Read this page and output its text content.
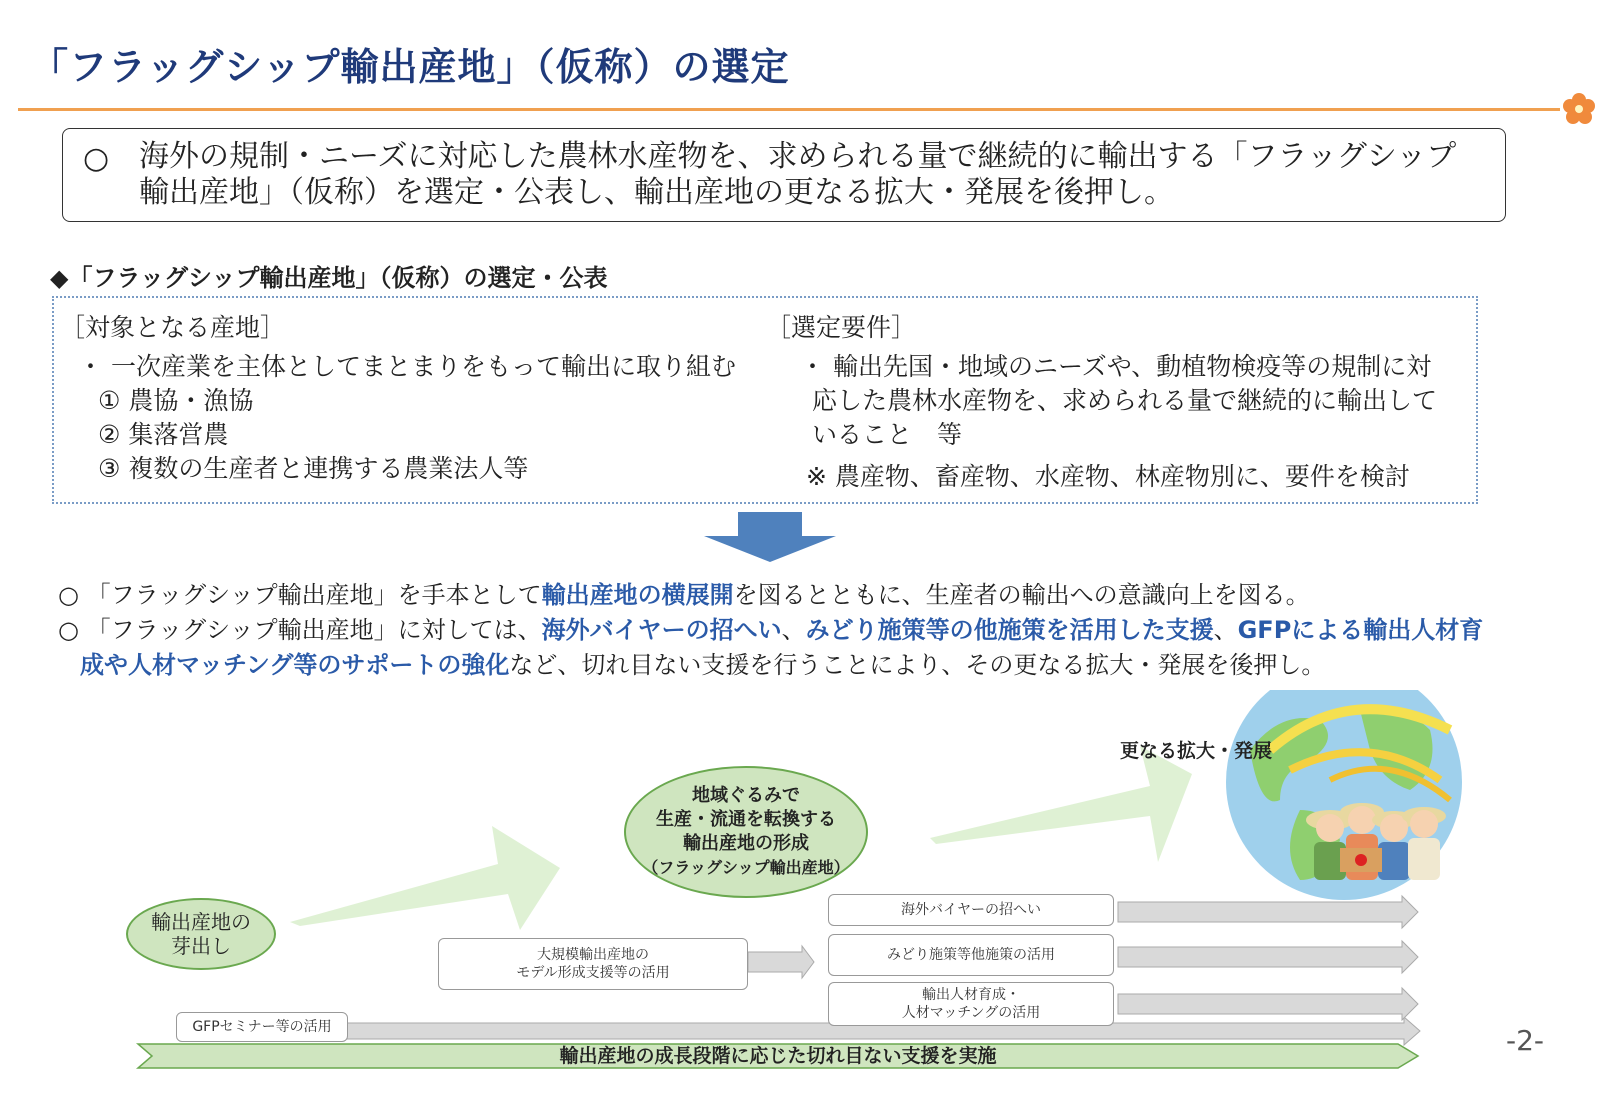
「フラッグシップ輸出産地」（仮称）の選定
○ 海外の規制・ニーズに対応した農林水産物を、求められる量で継続的に輸出する「フラッグシップ
輸出産地」（仮称）を選定・公表し、輸出産地の更なる拡大・発展を後押し。
◆「フラッグシップ輸出産地」（仮称）の選定・公表
［対象となる産地］
・ 一次産業を主体としてまとまりをもって輸出に取り組む
① 農協・漁協
② 集落営農
③ 複数の生産者と連携する農業法人等
［選定要件］
・ 輸出先国・地域のニーズや、動植物検疫等の規制に対
応した農林水産物を、求められる量で継続的に輸出して
いること　等
※ 農産物、畜産物、水産物、林産物別に、要件を検討
○ 「フラッグシップ輸出産地」を手本として輸出産地の横展開を図るとともに、生産者の輸出への意識向上を図る。
○ 「フラッグシップ輸出産地」に対しては、海外バイヤーの招へい、みどり施策等の他施策を活用した支援、GFPによる輸出人材育
成や人材マッチング等のサポートの強化など、切れ目ない支援を行うことにより、その更なる拡大・発展を後押し。
輸出産地の
芽出し
地域ぐるみで
生産・流通を転換する
輸出産地の形成
（フラッグシップ輸出産地）
更なる拡大・発展
GFPセミナー等の活用
大規模輸出産地の
モデル形成支援等の活用
海外バイヤーの招へい
みどり施策等他施策の活用
輸出人材育成・
人材マッチングの活用
輸出産地の成長段階に応じた切れ目ない支援を実施	-2-
